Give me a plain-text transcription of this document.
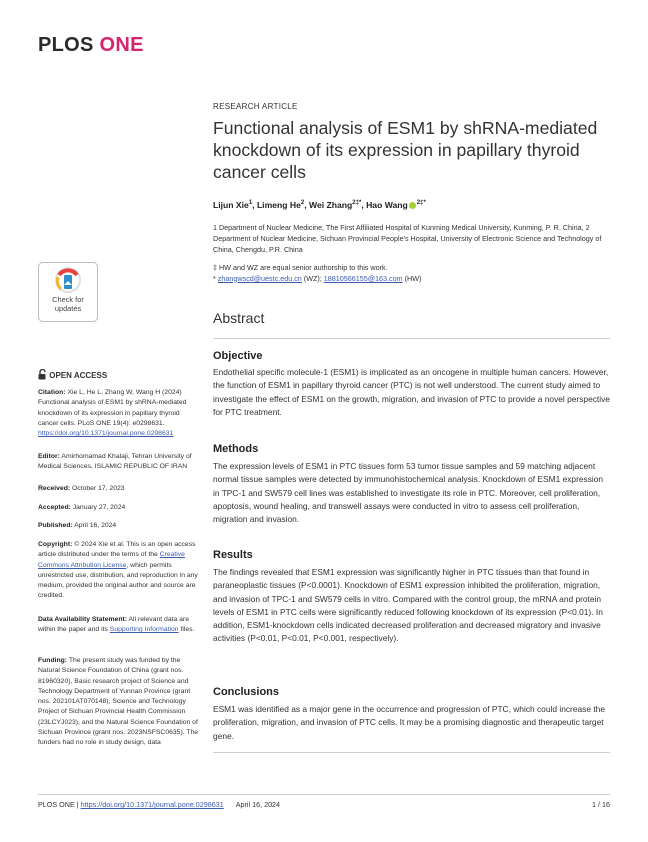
PLOS ONE
RESEARCH ARTICLE
Functional analysis of ESM1 by shRNA-mediated knockdown of its expression in papillary thyroid cancer cells
Lijun Xie$^1$, Limeng He$^2$, Wei Zhang$^{2\ddagger*}$, Hao Wang $^{2\ddagger*}$
1 Department of Nuclear Medicine, The First Affiliated Hospital of Kunming Medical University, Kunming, P. R. China, 2 Department of Nuclear Medicine, Sichuan Provincial People's Hospital, University of Electronic Science and Technology of China, Chengdu, P.R. China
‡ HW and WZ are equal senior authorship to this work.
* zhangwscd@uestc.edu.cn (WZ); 18810566155@163.com (HW)
Abstract
Objective
Endothelial specific molecule-1 (ESM1) is implicated as an oncogene in multiple human cancers. However, the function of ESM1 in papillary thyroid cancer (PTC) is not well understood. The current study aimed to investigate the effect of ESM1 on the growth, migration, and invasion of PTC to provide a novel perspective for PTC treatment.
Methods
The expression levels of ESM1 in PTC tissues form 53 tumor tissue samples and 59 matching adjacent normal tissue samples were detected by immunohistochemical analysis. Knockdown of ESM1 expression in TPC-1 and SW579 cell lines was established to investigate its role in PTC. Moreover, cell proliferation, apoptosis, wound healing, and transwell assays were conducted in vitro to assess cell proliferation, migration and invasion.
Results
The findings revealed that ESM1 expression was significantly higher in PTC tissues than that found in paraneoplastic tissues (P<0.0001). Knockdown of ESM1 expression inhibited the proliferation, migration, and invasion of TPC-1 and SW579 cells in vitro. Compared with the control group, the mRNA and protein levels of ESM1 in PTC cells were significantly reduced following knockdown of its expression (P<0.01). In addition, ESM1-knockdown cells indicated decreased proliferation and decreased migratory and invasive activities (P<0.01, P<0.01, P<0.001, respectively).
Conclusions
ESM1 was identified as a major gene in the occurrence and progression of PTC, which could increase the proliferation, migration, and invasion of PTC cells. It may be a promising diagnostic and therapeutic target gene.
Check for
updates
OPEN ACCESS
Citation: Xie L, He L, Zhang W, Wang H (2024) Functional analysis of ESM1 by shRNA-mediated knockdown of its expression in papillary thyroid cancer cells. PLoS ONE 19(4): e0298631. https://doi.org/10.1371/journal.pone.0298631
Editor: Amirhomamad Khalaji, Tehran University of Medical Sciences, ISLAMIC REPUBLIC OF IRAN
Received: October 17, 2023
Accepted: January 27, 2024
Published: April 16, 2024
Copyright: © 2024 Xie et al. This is an open access article distributed under the terms of the Creative Commons Attribution License, which permits unrestricted use, distribution, and reproduction in any medium, provided the original author and source are credited.
Data Availability Statement: All relevant data are within the paper and its Supporting Information files.
Funding: The present study was funded by the Natural Science Foundation of China (grant nos. 81960320), Basic research project of Science and Technology Department of Yunnan Province (grant nos. 202101AT070148), Science and Technology Project of Sichuan Provincial Health Commission (23LCYJ023), and the Natural Science Foundation of Sichuan Province (grant nos. 2023NSFSC0635). The funders had no role in study design, data
PLOS ONE | https://doi.org/10.1371/journal.pone.0298631 April 16, 2024	1 / 16
